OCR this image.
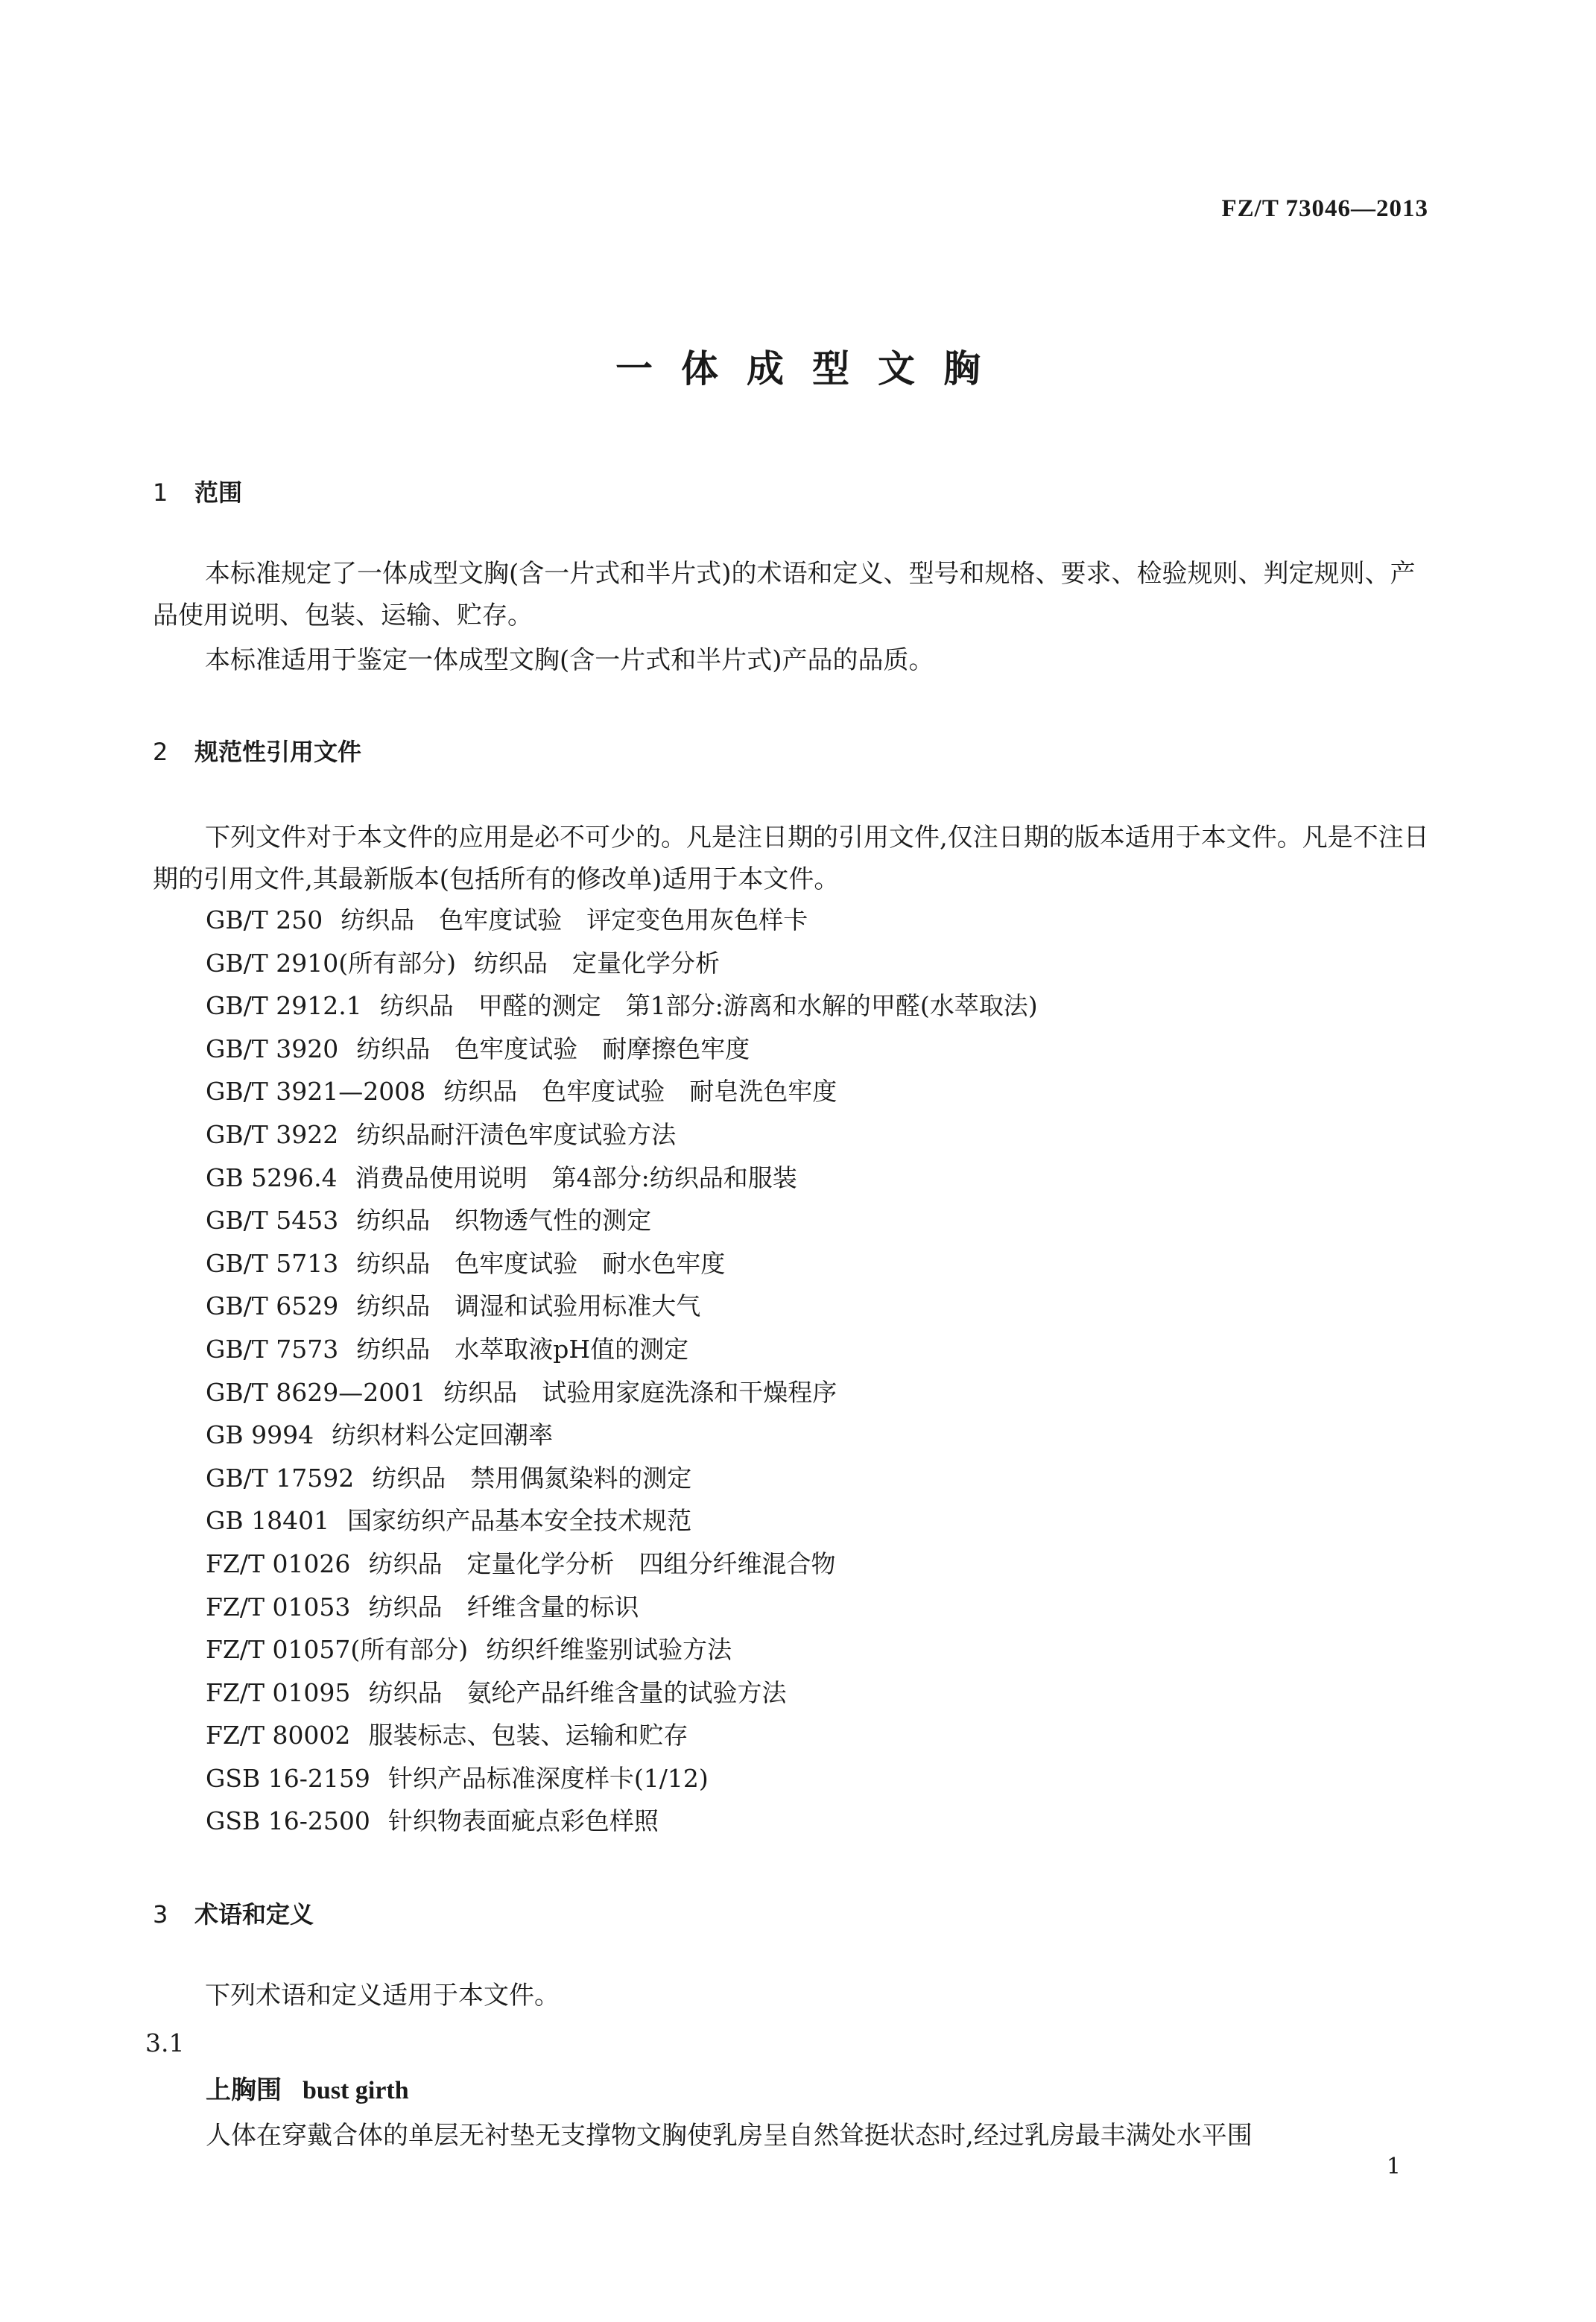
FZ/T 73046—2013
一体成型文胸
1 范围
本标准规定了一体成型文胸(含一片式和半片式)的术语和定义、型号和规格、要求、检验规则、判定规则、产品使用说明、包装、运输、贮存。
本标准适用于鉴定一体成型文胸(含一片式和半片式)产品的品质。
2 规范性引用文件
下列文件对于本文件的应用是必不可少的。凡是注日期的引用文件,仅注日期的版本适用于本文件。凡是不注日期的引用文件,其最新版本(包括所有的修改单)适用于本文件。
GB/T 250 纺织品　色牢度试验　评定变色用灰色样卡
GB/T 2910(所有部分) 纺织品　定量化学分析
GB/T 2912.1 纺织品　甲醛的测定　第1部分:游离和水解的甲醛(水萃取法)
GB/T 3920 纺织品　色牢度试验　耐摩擦色牢度
GB/T 3921—2008 纺织品　色牢度试验　耐皂洗色牢度
GB/T 3922 纺织品耐汗渍色牢度试验方法
GB 5296.4 消费品使用说明　第4部分:纺织品和服装
GB/T 5453 纺织品　织物透气性的测定
GB/T 5713 纺织品　色牢度试验　耐水色牢度
GB/T 6529 纺织品　调湿和试验用标准大气
GB/T 7573 纺织品　水萃取液pH值的测定
GB/T 8629—2001 纺织品　试验用家庭洗涤和干燥程序
GB 9994 纺织材料公定回潮率
GB/T 17592 纺织品　禁用偶氮染料的测定
GB 18401 国家纺织产品基本安全技术规范
FZ/T 01026 纺织品　定量化学分析　四组分纤维混合物
FZ/T 01053 纺织品　纤维含量的标识
FZ/T 01057(所有部分) 纺织纤维鉴别试验方法
FZ/T 01095 纺织品　氨纶产品纤维含量的试验方法
FZ/T 80002 服装标志、包装、运输和贮存
GSB 16-2159 针织产品标准深度样卡(1/12)
GSB 16-2500 针织物表面疵点彩色样照
3 术语和定义
下列术语和定义适用于本文件。
3.1
上胸围 bust girth
人体在穿戴合体的单层无衬垫无支撑物文胸使乳房呈自然耸挺状态时,经过乳房最丰满处水平围
1
